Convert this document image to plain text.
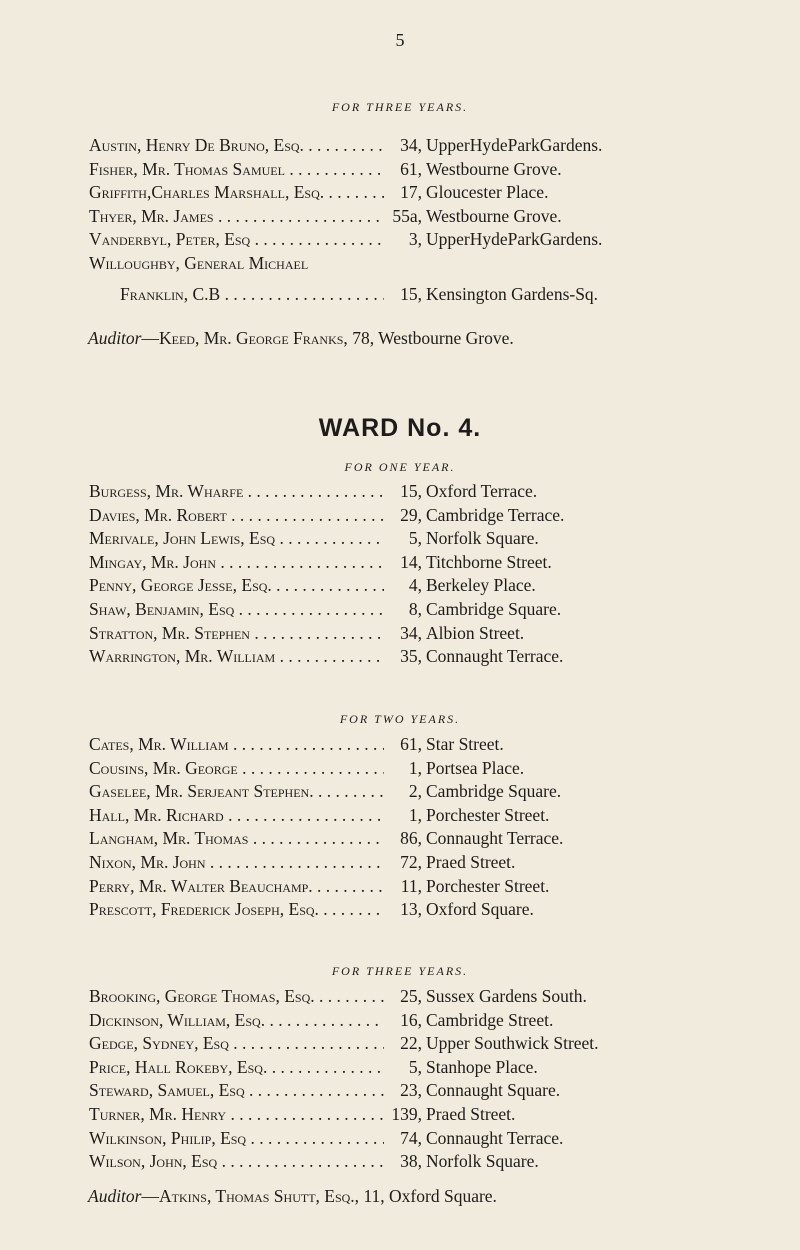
5
FOR THREE YEARS.
Austin, Henry De Bruno, Esq. . . .	34, UpperHydeParkGardens.
Fisher, Mr. Thomas Samuel . . .	61, Westbourne Grove.
Griffith,Charles Marshall, Esq. . . .	17, Gloucester Place.
Thyer, Mr. James . . .	55a, Westbourne Grove.
Vanderbyl, Peter, Esq . . .	3, UpperHydeParkGardens.
Willoughby, General Michael
Franklin, C.B . . .	15, Kensington Gardens-Sq.
Auditor—Keed, Mr. George Franks, 78, Westbourne Grove.
WARD No. 4.
FOR ONE YEAR.
Burgess, Mr. Wharfe . . .	15, Oxford Terrace.
Davies, Mr. Robert . . .	29, Cambridge Terrace.
Merivale, John Lewis, Esq . . .	5, Norfolk Square.
Mingay, Mr. John . . .	14, Titchborne Street.
Penny, George Jesse, Esq. . . .	4, Berkeley Place.
Shaw, Benjamin, Esq . . .	8, Cambridge Square.
Stratton, Mr. Stephen . . .	34, Albion Street.
Warrington, Mr. William . . .	35, Connaught Terrace.
FOR TWO YEARS.
Cates, Mr. William . . .	61, Star Street.
Cousins, Mr. George . . .	1, Portsea Place.
Gaselee, Mr. Serjeant Stephen. . . .	2, Cambridge Square.
Hall, Mr. Richard . . .	1, Porchester Street.
Langham, Mr. Thomas . . .	86, Connaught Terrace.
Nixon, Mr. John . . .	72, Praed Street.
Perry, Mr. Walter Beauchamp. . . .	11, Porchester Street.
Prescott, Frederick Joseph, Esq. . . .	13, Oxford Square.
FOR THREE YEARS.
Brooking, George Thomas, Esq. . . .	25, Sussex Gardens South.
Dickinson, William, Esq. . . .	16, Cambridge Street.
Gedge, Sydney, Esq . . .	22, Upper Southwick Street.
Price, Hall Rokeby, Esq. . . .	5, Stanhope Place.
Steward, Samuel, Esq . . .	23, Connaught Square.
Turner, Mr. Henry . . .	139, Praed Street.
Wilkinson, Philip, Esq . . .	74, Connaught Terrace.
Wilson, John, Esq . . .	38, Norfolk Square.
Auditor—Atkins, Thomas Shutt, Esq., 11, Oxford Square.
